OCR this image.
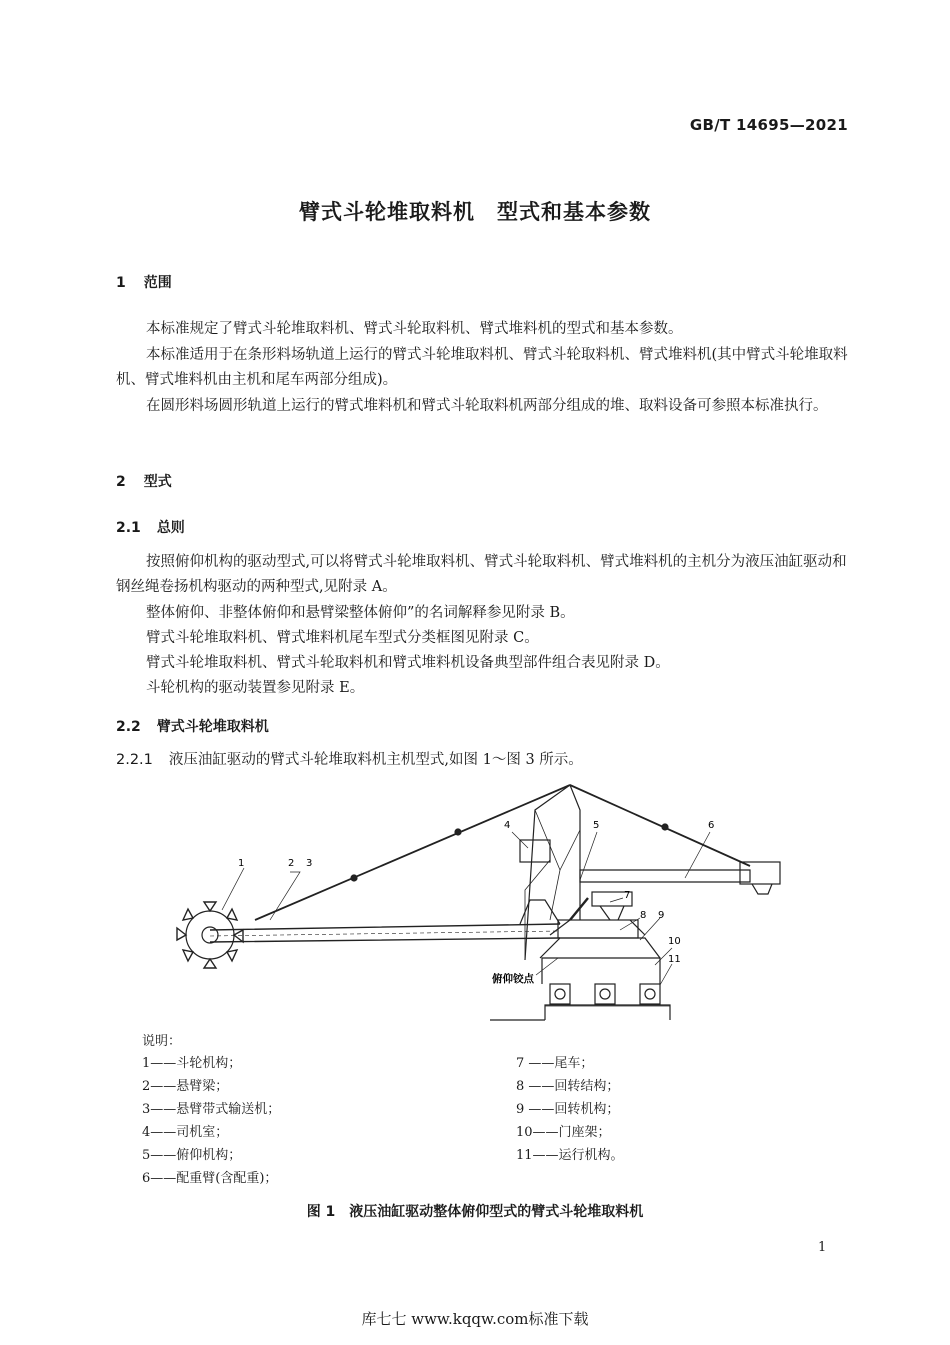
GB/T 14695—2021
臂式斗轮堆取料机　型式和基本参数
1 范围
本标准规定了臂式斗轮堆取料机、臂式斗轮取料机、臂式堆料机的型式和基本参数。
本标准适用于在条形料场轨道上运行的臂式斗轮堆取料机、臂式斗轮取料机、臂式堆料机(其中臂式斗轮堆取料机、臂式堆料机由主机和尾车两部分组成)。
在圆形料场圆形轨道上运行的臂式堆料机和臂式斗轮取料机两部分组成的堆、取料设备可参照本标准执行。
2 型式
2.1 总则
按照俯仰机构的驱动型式,可以将臂式斗轮堆取料机、臂式斗轮取料机、臂式堆料机的主机分为液压油缸驱动和钢丝绳卷扬机构驱动的两种型式,见附录 A。
整体俯仰、非整体俯仰和悬臂梁整体俯仰”的名词解释参见附录 B。
臂式斗轮堆取料机、臂式堆料机尾车型式分类框图见附录 C。
臂式斗轮堆取料机、臂式斗轮取料机和臂式堆料机设备典型部件组合表见附录 D。
斗轮机构的驱动装置参见附录 E。
2.2 臂式斗轮堆取料机
2.2.1 液压油缸驱动的臂式斗轮堆取料机主机型式,如图 1～图 3 所示。
1	2 3
4	5	6
7
8 9
10
11
俯仰铰点
说明：
1——斗轮机构；
2——悬臂梁；
3——悬臂带式输送机；
4——司机室；
5——俯仰机构；
6——配重臂(含配重)；
7 ——尾车；
8 ——回转结构；
9 ——回转机构；
10——门座架；
11——运行机构。
图 1　液压油缸驱动整体俯仰型式的臂式斗轮堆取料机
1
库七七 www.kqqw.com标准下载
